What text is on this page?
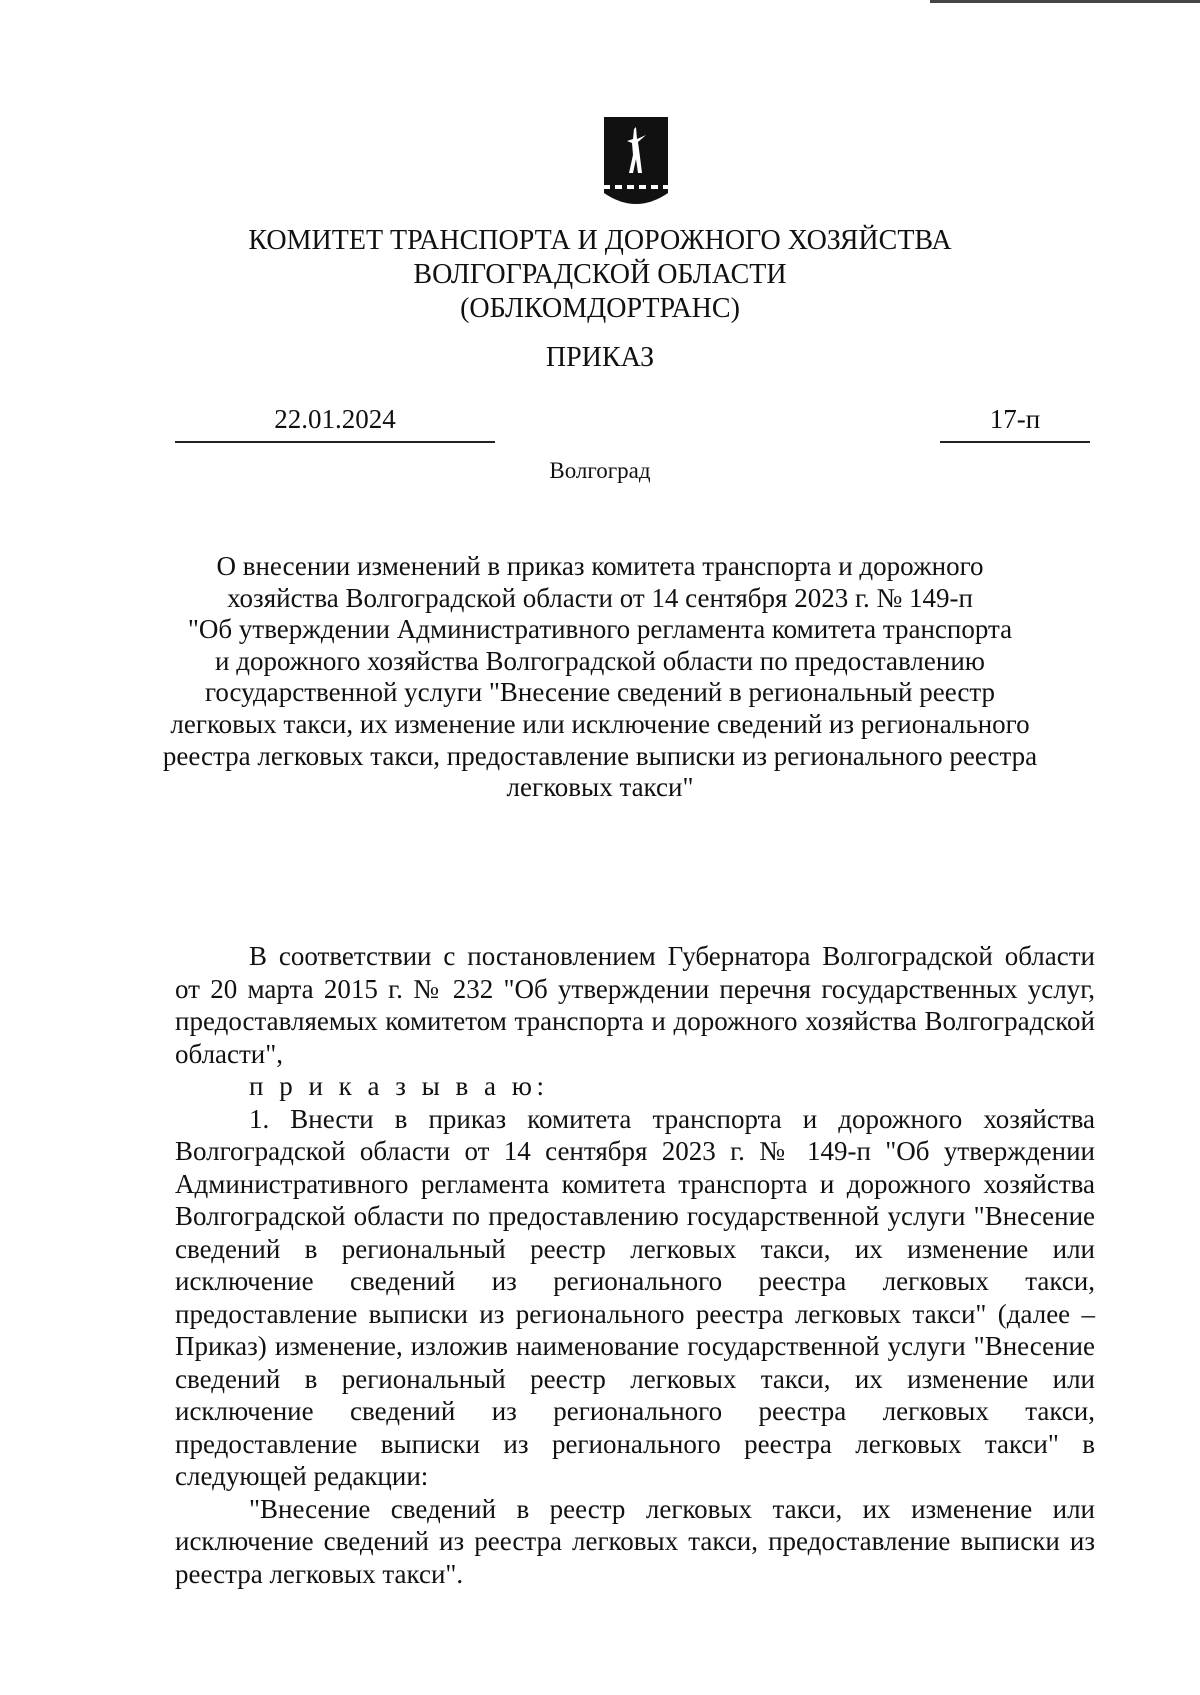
КОМИТЕТ ТРАНСПОРТА И ДОРОЖНОГО ХОЗЯЙСТВА
ВОЛГОГРАДСКОЙ ОБЛАСТИ
(ОБЛКОМДОРТРАНС)
ПРИКАЗ
22.01.2024	17-п
Волгоград
О внесении изменений в приказ комитета транспорта и дорожного
хозяйства Волгоградской области от 14 сентября 2023 г. № 149-п
"Об утверждении Административного регламента комитета транспорта
и дорожного хозяйства Волгоградской области по предоставлению
государственной услуги "Внесение сведений в региональный реестр
легковых такси, их изменение или исключение сведений из регионального
реестра легковых такси, предоставление выписки из регионального реестра
легковых такси"

В соответствии с постановлением Губернатора Волгоградской области от 20 марта 2015 г. № 232 "Об утверждении перечня государственных услуг, предоставляемых комитетом транспорта и дорожного хозяйства Волгоградской области",

п р и к а з ы в а ю:

1. Внести в приказ комитета транспорта и дорожного хозяйства Волгоградской области от 14 сентября 2023 г. № 149-п "Об утверждении Административного регламента комитета транспорта и дорожного хозяйства Волгоградской области по предоставлению государственной услуги "Внесение сведений в региональный реестр легковых такси, их изменение или исключение сведений из регионального реестра легковых такси, предоставление выписки из регионального реестра легковых такси" (далее – Приказ) изменение, изложив наименование государственной услуги "Внесение сведений в региональный реестр легковых такси, их изменение или исключение сведений из регионального реестра легковых такси, предоставление выписки из регионального реестра легковых такси" в следующей редакции:

"Внесение сведений в реестр легковых такси, их изменение или исключение сведений из реестра легковых такси, предоставление выписки из реестра легковых такси".
